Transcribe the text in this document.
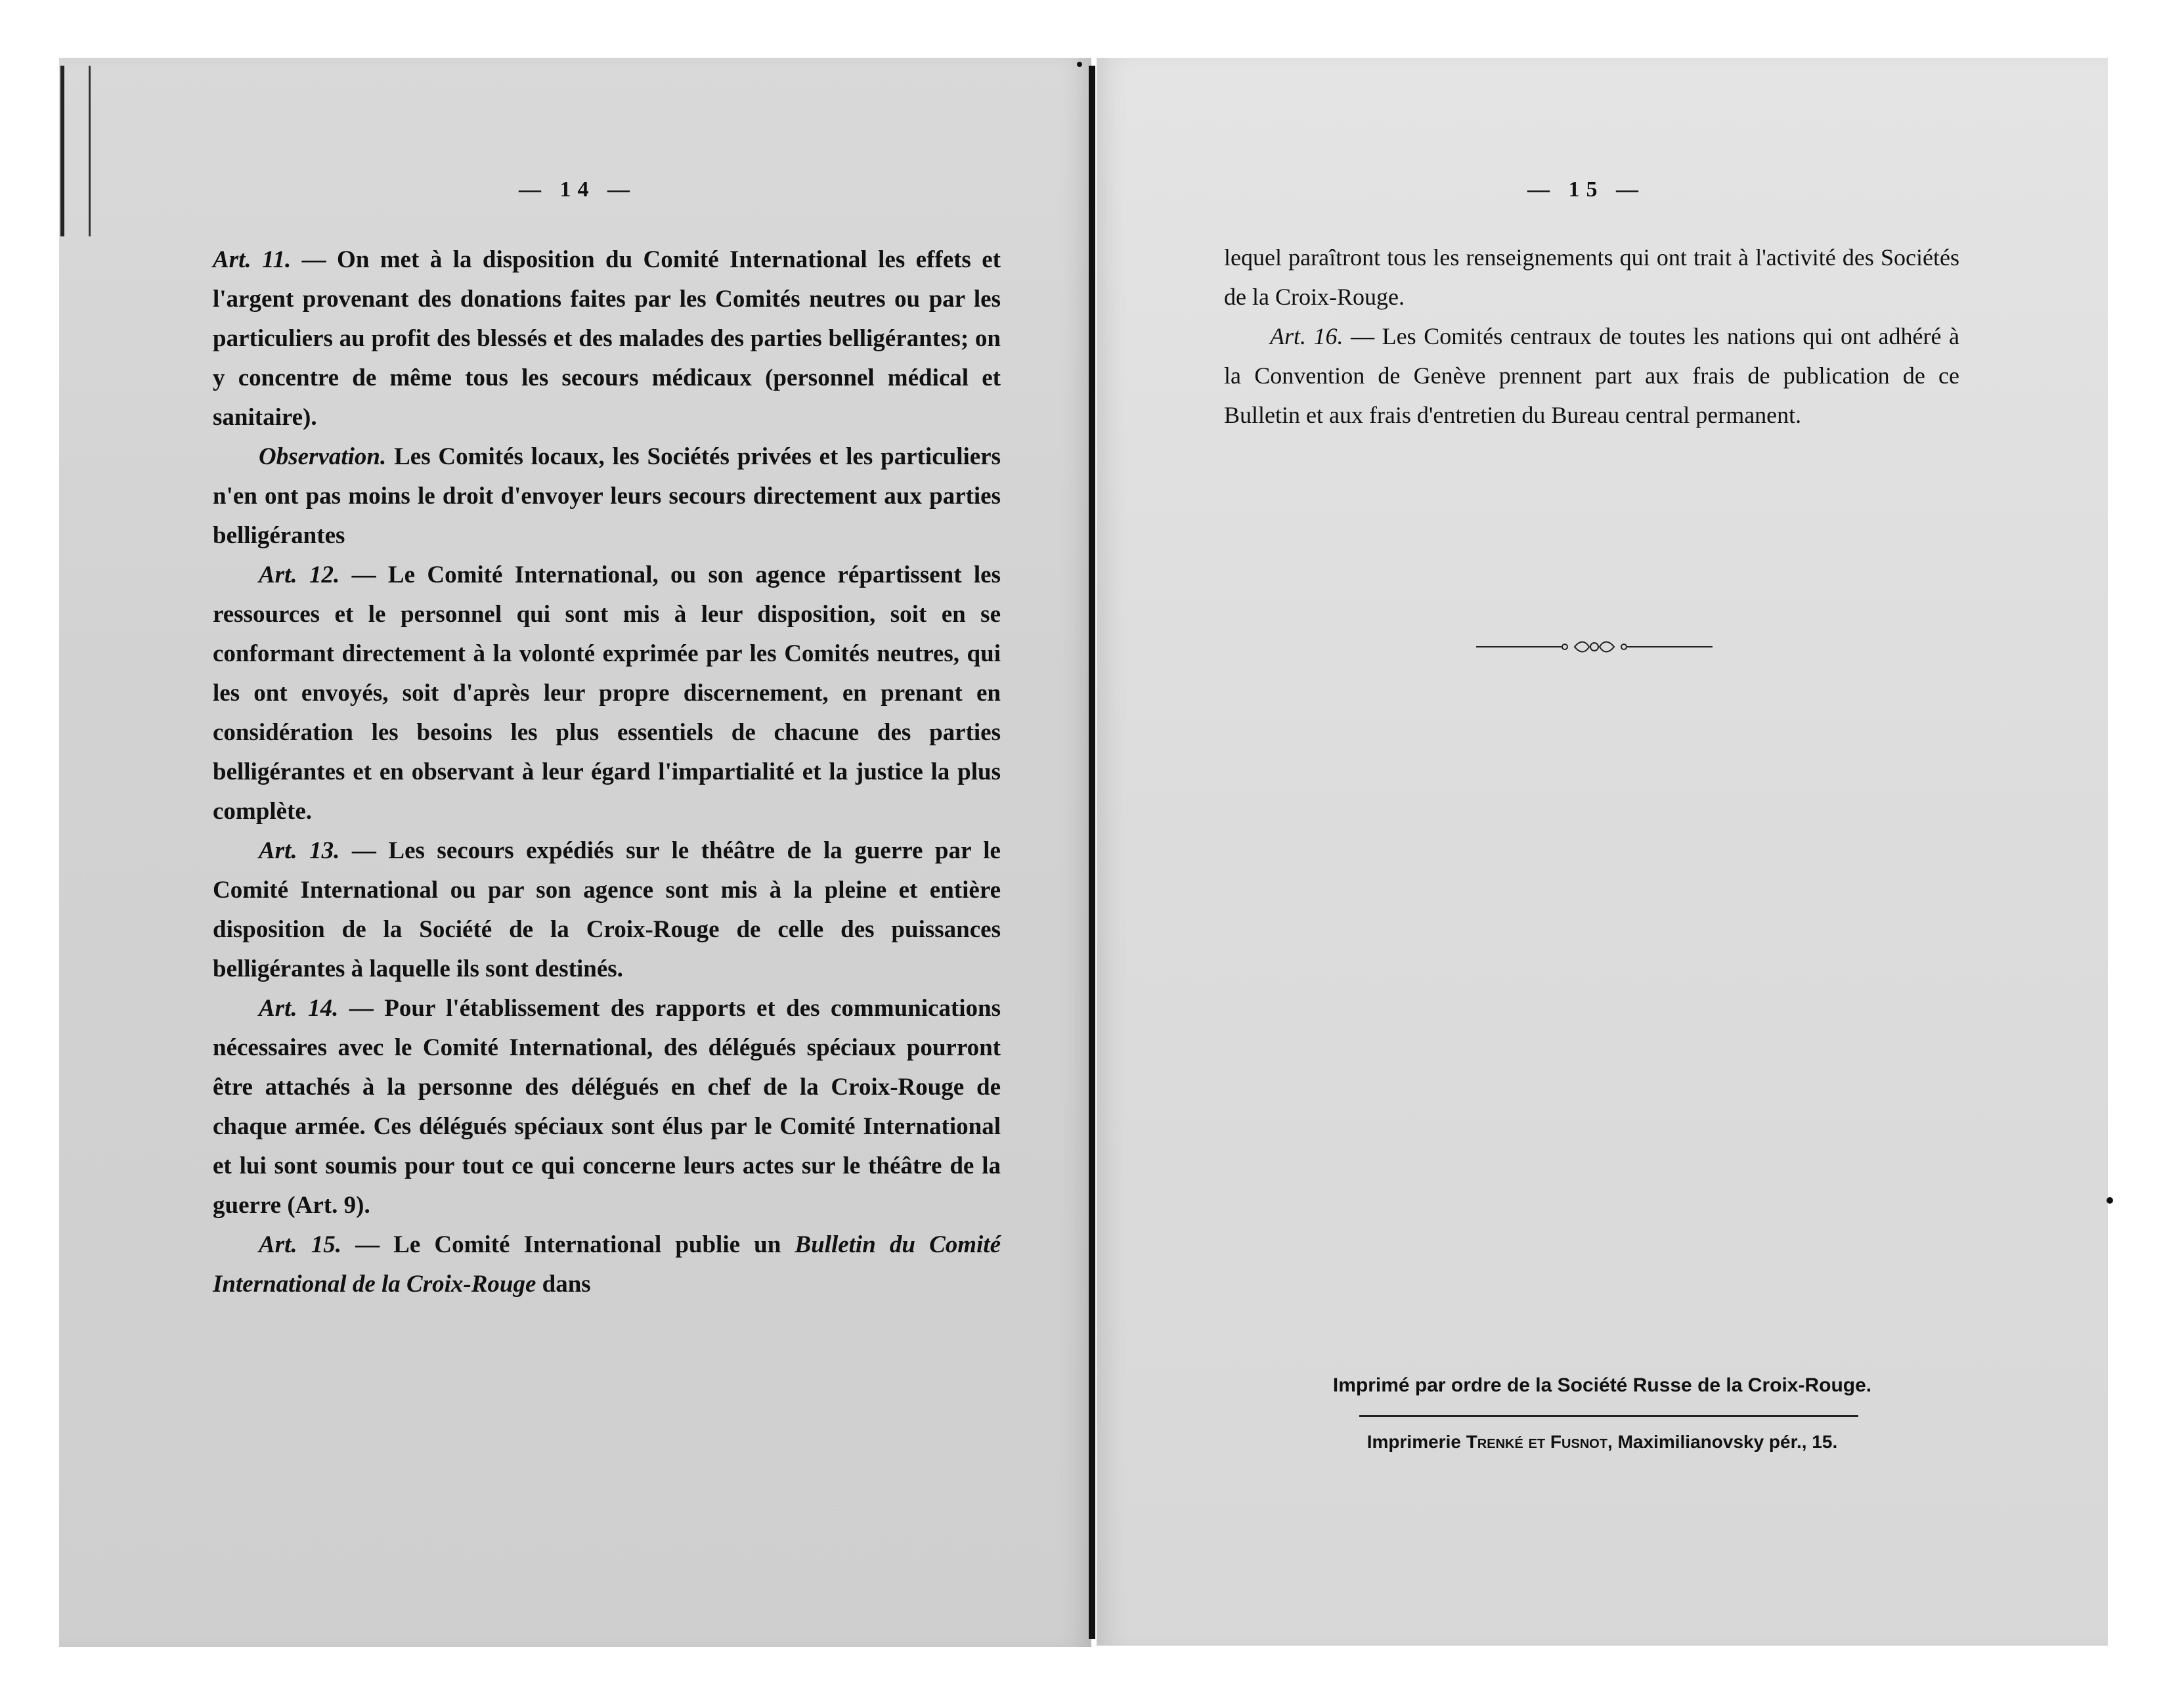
— 14 —

Art. 11. — On met à la disposition du Comité International les effets et l'argent provenant des donations faites par les Comités neutres ou par les particuliers au profit des blessés et des malades des parties belligérantes; on y concentre de même tous les secours médicaux (personnel médical et sanitaire).

Observation. Les Comités locaux, les Sociétés privées et les particuliers n'en ont pas moins le droit d'envoyer leurs secours directement aux parties belligérantes

Art. 12. — Le Comité International, ou son agence répartissent les ressources et le personnel qui sont mis à leur disposition, soit en se conformant directement à la volonté exprimée par les Comités neutres, qui les ont envoyés, soit d'après leur propre discernement, en prenant en considération les besoins les plus essentiels de chacune des parties belligérantes et en observant à leur égard l'impartialité et la justice la plus complète.

Art. 13. — Les secours expédiés sur le théâtre de la guerre par le Comité International ou par son agence sont mis à la pleine et entière disposition de la Société de la Croix-Rouge de celle des puissances belligérantes à laquelle ils sont destinés.

Art. 14. — Pour l'établissement des rapports et des communications nécessaires avec le Comité International, des délégués spéciaux pourront être attachés à la personne des délégués en chef de la Croix-Rouge de chaque armée. Ces délégués spéciaux sont élus par le Comité International et lui sont soumis pour tout ce qui concerne leurs actes sur le théâtre de la guerre (Art. 9).

Art. 15. — Le Comité International publie un Bulletin du Comité International de la Croix-Rouge dans

— 15 —

lequel paraîtront tous les renseignements qui ont trait à l'activité des Sociétés de la Croix-Rouge.

Art. 16. — Les Comités centraux de toutes les nations qui ont adhéré à la Convention de Genève prennent part aux frais de publication de ce Bulletin et aux frais d'entretien du Bureau central permanent.

Imprimé par ordre de la Société Russe de la Croix-Rouge.
Imprimerie Trenké et Fusnot, Maximilianovsky pér., 15.
